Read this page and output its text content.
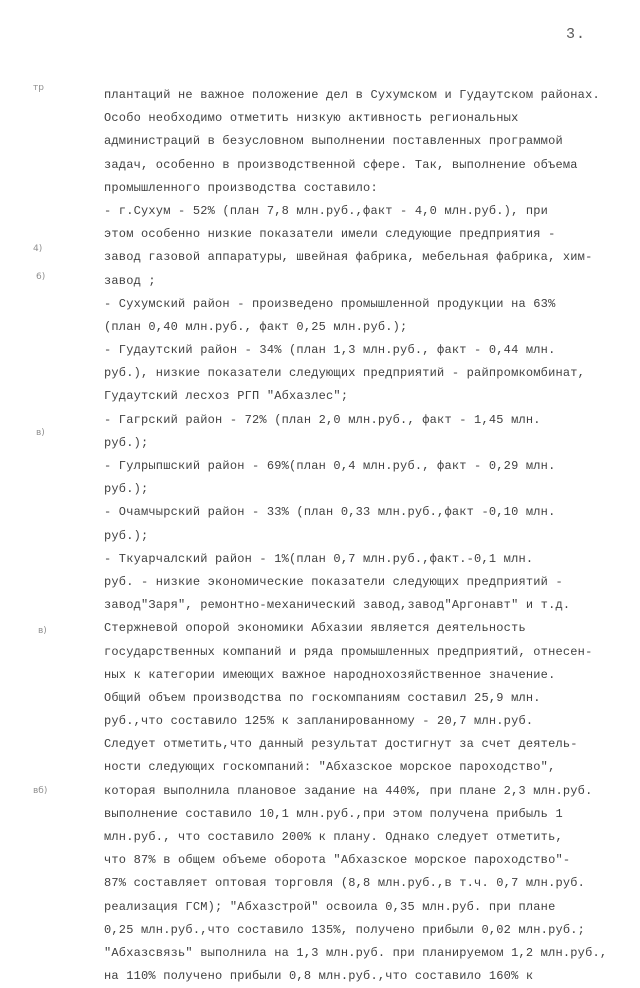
3.
тр
4)
6)
в)
в)
вб)
плантаций не важное положение дел в Сухумском и Гудаутском районах.
Особо необходимо отметить низкую активность региональных
администраций в безусловном выполнении поставленных программой
задач, особенно в производственной сфере. Так, выполнение объема
промышленного производства составило:
- г.Сухум - 52% (план 7,8 млн.руб.,факт - 4,0 млн.руб.), при
этом особенно низкие показатели имели следующие предприятия -
завод газовой аппаратуры, швейная фабрика, мебельная фабрика, хим-
завод ;
- Сухумский район - произведено промышленной продукции на 63%
(план 0,40 млн.руб., факт 0,25 млн.руб.);
- Гудаутский район - 34% (план 1,3 млн.руб., факт - 0,44 млн.
руб.), низкие показатели следующих предприятий - райпромкомбинат,
Гудаутский лесхоз РГП "Абхазлес";
- Гагрский район - 72% (план 2,0 млн.руб., факт - 1,45 млн.
руб.);
- Гулрыпшский район - 69%(план 0,4 млн.руб., факт - 0,29 млн.
руб.);
- Очамчырский район - 33% (план 0,33 млн.руб.,факт -0,10 млн.
руб.);
- Ткуарчалский район - 1%(план 0,7 млн.руб.,факт.-0,1 млн.
руб. - низкие экономические показатели следующих предприятий -
завод"Заря", ремонтно-механический завод,завод"Аргонавт" и т.д.
Стержневой опорой экономики Абхазии является деятельность
государственных компаний и ряда промышленных предприятий, отнесен-
ных к категории имеющих важное народнохозяйственное значение.
Общий объем производства по госкомпаниям составил 25,9 млн.
руб.,что составило 125% к запланированному - 20,7 млн.руб.
Следует отметить,что данный результат достигнут за счет деятель-
ности следующих госкомпаний: "Абхазское морское пароходство",
которая выполнила плановое задание на 440%, при плане 2,3 млн.руб.
выполнение составило 10,1 млн.руб.,при этом получена прибыль 1
млн.руб., что составило 200% к плану. Однако следует отметить,
что 87% в общем объеме оборота "Абхазское морское пароходство"-
87% составляет оптовая торговля (8,8 млн.руб.,в т.ч. 0,7 млн.руб.
реализация ГСМ); "Абхазстрой" освоила 0,35 млн.руб. при плане
0,25 млн.руб.,что составило 135%, получено прибыли 0,02 млн.руб.;
"Абхазсвязь" выполнила на 1,3 млн.руб. при планируемом 1,2 млн.руб.,
на 110% получено прибыли 0,8 млн.руб.,что составило 160% к
